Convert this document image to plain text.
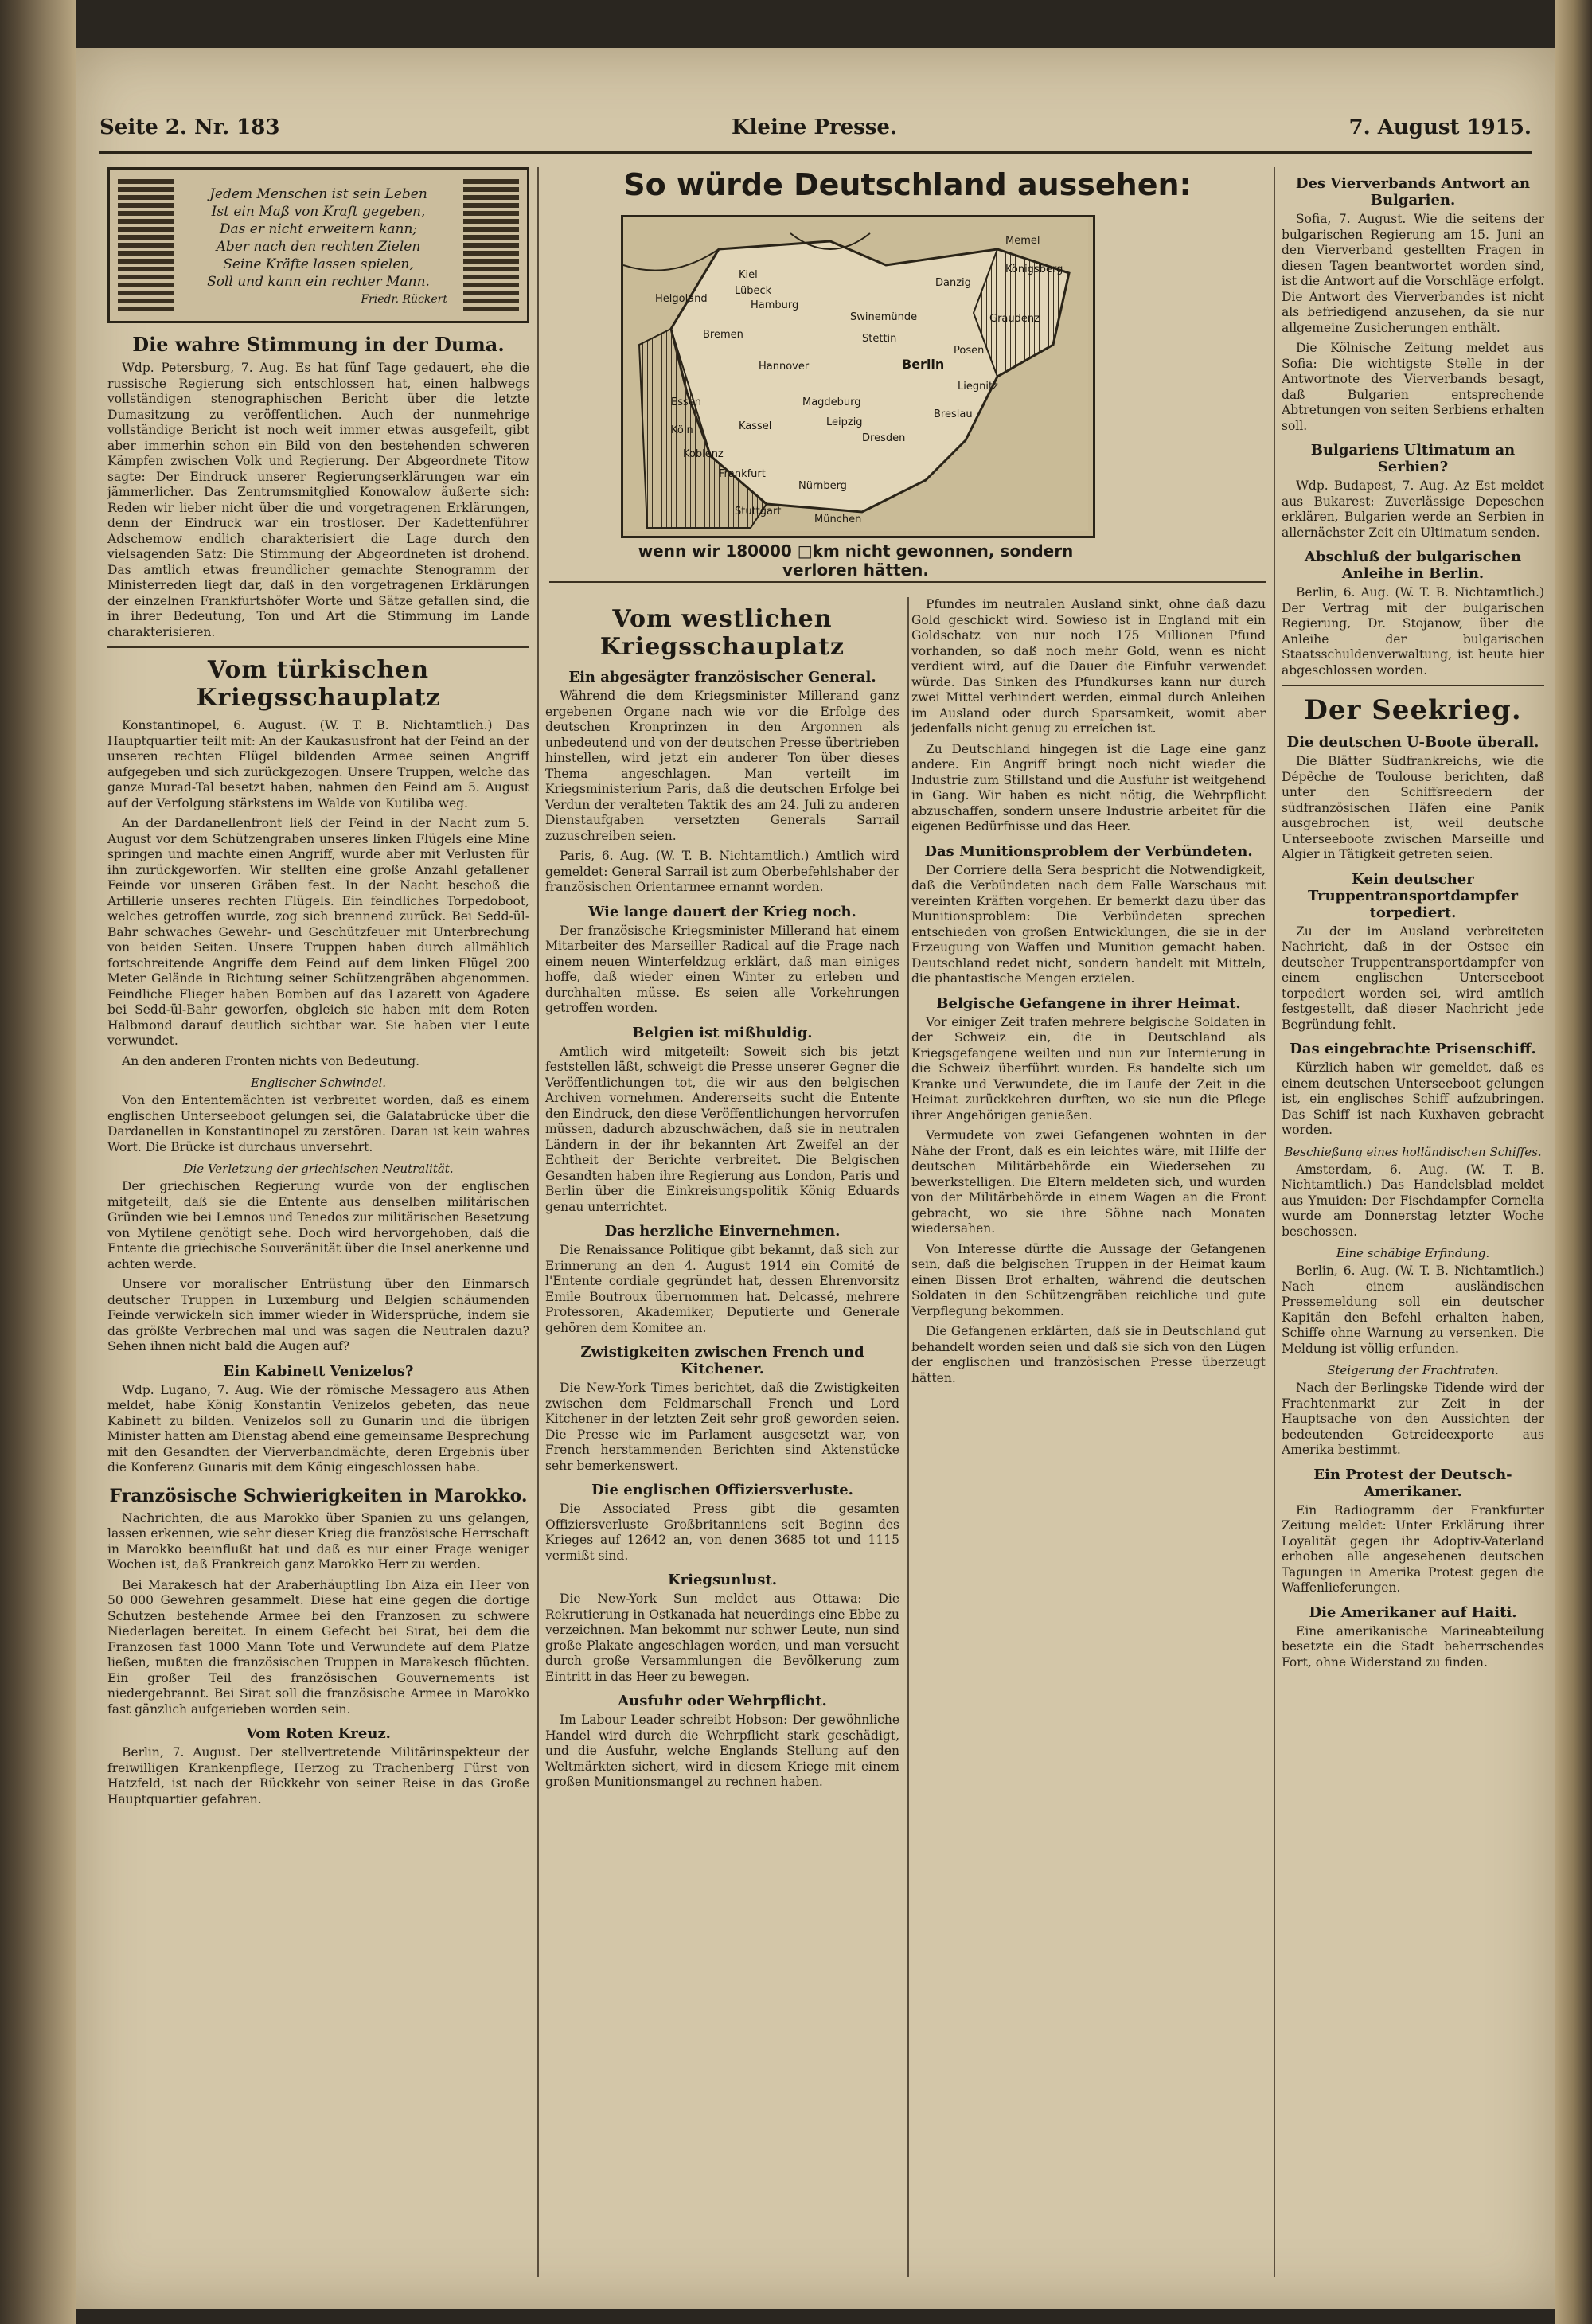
Seite 2. Nr. 183	Kleine Presse.	7. August 1915.
Jedem Menschen ist sein Leben
Ist ein Maß von Kraft gegeben,
Das er nicht erweitern kann;
Aber nach den rechten Zielen
Seine Kräfte lassen spielen,
Soll und kann ein rechter Mann.
Friedr. Rückert
Die wahre Stimmung in der Duma.

Wdp. Petersburg, 7. Aug. Es hat fünf Tage gedauert, ehe die russische Regierung sich entschlossen hat, einen halbwegs vollständigen stenographischen Bericht über die letzte Dumasitzung zu veröffentlichen. Auch der nunmehrige vollständige Bericht ist noch weit immer etwas ausgefeilt, gibt aber immerhin schon ein Bild von den bestehenden schweren Kämpfen zwischen Volk und Regierung. Der Abgeordnete Titow sagte: Der Eindruck unserer Regierungserklärungen war ein jämmerlicher. Das Zentrumsmitglied Konowalow äußerte sich: Reden wir lieber nicht über die und vorgetragenen Erklärungen, denn der Eindruck war ein trostloser. Der Kadettenführer Adschemow endlich charakterisiert die Lage durch den vielsagenden Satz: Die Stimmung der Abgeordneten ist drohend. Das amtlich etwas freundlicher gemachte Stenogramm der Ministerreden liegt dar, daß in den vorgetragenen Erklärungen der einzelnen Frankfurtshöfer Worte und Sätze gefallen sind, die in ihrer Bedeutung, Ton und Art die Stimmung im Lande charakterisieren.

Vom türkischen Kriegsschauplatz

Konstantinopel, 6. August. (W. T. B. Nichtamtlich.) Das Hauptquartier teilt mit: An der Kaukasusfront hat der Feind an der unseren rechten Flügel bildenden Armee seinen Angriff aufgegeben und sich zurückgezogen. Unsere Truppen, welche das ganze Murad-Tal besetzt haben, nahmen den Feind am 5. August auf der Verfolgung stärkstens im Walde von Kutiliba weg.

An der Dardanellenfront ließ der Feind in der Nacht zum 5. August vor dem Schützengraben unseres linken Flügels eine Mine springen und machte einen Angriff, wurde aber mit Verlusten für ihn zurückgeworfen. Wir stellten eine große Anzahl gefallener Feinde vor unseren Gräben fest. In der Nacht beschoß die Artillerie unseres rechten Flügels. Ein feindliches Torpedoboot, welches getroffen wurde, zog sich brennend zurück. Bei Sedd-ül-Bahr schwaches Gewehr- und Geschützfeuer mit Unterbrechung von beiden Seiten. Unsere Truppen haben durch allmählich fortschreitende Angriffe dem Feind auf dem linken Flügel 200 Meter Gelände in Richtung seiner Schützengräben abgenommen. Feindliche Flieger haben Bomben auf das Lazarett von Agadere bei Sedd-ül-Bahr geworfen, obgleich sie haben mit dem Roten Halbmond darauf deutlich sichtbar war. Sie haben vier Leute verwundet.

An den anderen Fronten nichts von Bedeutung.

Englischer Schwindel.

Von den Ententemächten ist verbreitet worden, daß es einem englischen Unterseeboot gelungen sei, die Galatabrücke über die Dardanellen in Konstantinopel zu zerstören. Daran ist kein wahres Wort. Die Brücke ist durchaus unversehrt.

Die Verletzung der griechischen Neutralität.

Der griechischen Regierung wurde von der englischen mitgeteilt, daß sie die Entente aus denselben militärischen Gründen wie bei Lemnos und Tenedos zur militärischen Besetzung von Mytilene genötigt sehe. Doch wird hervorgehoben, daß die Entente die griechische Souveränität über die Insel anerkenne und achten werde.

Unsere vor moralischer Entrüstung über den Einmarsch deutscher Truppen in Luxemburg und Belgien schäumenden Feinde verwickeln sich immer wieder in Widersprüche, indem sie das größte Verbrechen mal und was sagen die Neutralen dazu? Sehen ihnen nicht bald die Augen auf?

Ein Kabinett Venizelos?

Wdp. Lugano, 7. Aug. Wie der römische Messagero aus Athen meldet, habe König Konstantin Venizelos gebeten, das neue Kabinett zu bilden. Venizelos soll zu Gunarin und die übrigen Minister hatten am Dienstag abend eine gemeinsame Besprechung mit den Gesandten der Vierverbandmächte, deren Ergebnis über die Konferenz Gunaris mit dem König eingeschlossen habe.

Französische Schwierigkeiten in Marokko.

Nachrichten, die aus Marokko über Spanien zu uns gelangen, lassen erkennen, wie sehr dieser Krieg die französische Herrschaft in Marokko beeinflußt hat und daß es nur einer Frage weniger Wochen ist, daß Frankreich ganz Marokko Herr zu werden.

Bei Marakesch hat der Araberhäuptling Ibn Aiza ein Heer von 50 000 Gewehren gesammelt. Diese hat eine gegen die dortige Schutzen bestehende Armee bei den Franzosen zu schwere Niederlagen bereitet. In einem Gefecht bei Sirat, bei dem die Franzosen fast 1000 Mann Tote und Verwundete auf dem Platze ließen, mußten die französischen Truppen in Marakesch flüchten. Ein großer Teil des französischen Gouvernements ist niedergebrannt. Bei Sirat soll die französische Armee in Marokko fast gänzlich aufgerieben worden sein.

Vom Roten Kreuz.

Berlin, 7. August. Der stellvertretende Militärinspekteur der freiwilligen Krankenpflege, Herzog zu Trachenberg Fürst von Hatzfeld, ist nach der Rückkehr von seiner Reise in das Große Hauptquartier gefahren.

So würde Deutschland aussehen:
Memel
Königsberg
Danzig
Helgoland
Kiel
Lübeck
Hamburg
Swinemünde
Stettin
Posen
Graudenz
Bremen
Hannover	Berlin
Essen	Magdeburg
Kassel	Leipzig
Dresden
Breslau
Köln
Koblenz
Frankfurt
Nürnberg
Stuttgart
München
Liegnitz
wenn wir 180000 □km nicht gewonnen, sondern verloren hätten.
Vom westlichen Kriegsschauplatz
Ein abgesägter französischer General.

Während die dem Kriegsminister Millerand ganz ergebenen Organe nach wie vor die Erfolge des deutschen Kronprinzen in den Argonnen als unbedeutend und von der deutschen Presse übertrieben hinstellen, wird jetzt ein anderer Ton über dieses Thema angeschlagen. Man verteilt im Kriegsministerium Paris, daß die deutschen Erfolge bei Verdun der veralteten Taktik des am 24. Juli zu anderen Dienstaufgaben versetzten Generals Sarrail zuzuschreiben seien.

Paris, 6. Aug. (W. T. B. Nichtamtlich.) Amtlich wird gemeldet: General Sarrail ist zum Oberbefehlshaber der französischen Orientarmee ernannt worden.

Wie lange dauert der Krieg noch.

Der französische Kriegsminister Millerand hat einem Mitarbeiter des Marseiller Radical auf die Frage nach einem neuen Winterfeldzug erklärt, daß man einiges hoffe, daß wieder einen Winter zu erleben und durchhalten müsse. Es seien alle Vorkehrungen getroffen worden.

Belgien ist mißhuldig.

Amtlich wird mitgeteilt: Soweit sich bis jetzt feststellen läßt, schweigt die Presse unserer Gegner die Veröffentlichungen tot, die wir aus den belgischen Archiven vornehmen. Andererseits sucht die Entente den Eindruck, den diese Veröffentlichungen hervorrufen müssen, dadurch abzuschwächen, daß sie in neutralen Ländern in der ihr bekannten Art Zweifel an der Echtheit der Berichte verbreitet. Die Belgischen Gesandten haben ihre Regierung aus London, Paris und Berlin über die Einkreisungspolitik König Eduards genau unterrichtet.

Das herzliche Einvernehmen.

Die Renaissance Politique gibt bekannt, daß sich zur Erinnerung an den 4. August 1914 ein Comité de l'Entente cordiale gegründet hat, dessen Ehrenvorsitz Emile Boutroux übernommen hat. Delcassé, mehrere Professoren, Akademiker, Deputierte und Generale gehören dem Komitee an.

Zwistigkeiten zwischen French und Kitchener.

Die New-York Times berichtet, daß die Zwistigkeiten zwischen dem Feldmarschall French und Lord Kitchener in der letzten Zeit sehr groß geworden seien. Die Presse wie im Parlament ausgesetzt war, von French herstammenden Berichten sind Aktenstücke sehr bemerkenswert.

Die englischen Offiziersverluste.

Die Associated Press gibt die gesamten Offiziersverluste Großbritanniens seit Beginn des Krieges auf 12642 an, von denen 3685 tot und 1115 vermißt sind.

Kriegsunlust.

Die New-York Sun meldet aus Ottawa: Die Rekrutierung in Ostkanada hat neuerdings eine Ebbe zu verzeichnen. Man bekommt nur schwer Leute, nun sind große Plakate angeschlagen worden, und man versucht durch große Versammlungen die Bevölkerung zum Eintritt in das Heer zu bewegen.

Ausfuhr oder Wehrpflicht.

Im Labour Leader schreibt Hobson: Der gewöhnliche Handel wird durch die Wehrpflicht stark geschädigt, und die Ausfuhr, welche Englands Stellung auf den Weltmärkten sichert, wird in diesem Kriege mit einem großen Munitionsmangel zu rechnen haben.

Pfundes im neutralen Ausland sinkt, ohne daß dazu Gold geschickt wird. Sowieso ist in England mit ein Goldschatz von nur noch 175 Millionen Pfund vorhanden, so daß noch mehr Gold, wenn es nicht verdient wird, auf die Dauer die Einfuhr verwendet würde. Das Sinken des Pfundkurses kann nur durch zwei Mittel verhindert werden, einmal durch Anleihen im Ausland oder durch Sparsamkeit, womit aber jedenfalls nicht genug zu erreichen ist.

Zu Deutschland hingegen ist die Lage eine ganz andere. Ein Angriff bringt noch nicht wieder die Industrie zum Stillstand und die Ausfuhr ist weitgehend in Gang. Wir haben es nicht nötig, die Wehrpflicht abzuschaffen, sondern unsere Industrie arbeitet für die eigenen Bedürfnisse und das Heer.

Das Munitionsproblem der Verbündeten.

Der Corriere della Sera bespricht die Notwendigkeit, daß die Verbündeten nach dem Falle Warschaus mit vereinten Kräften vorgehen. Er bemerkt dazu über das Munitionsproblem: Die Verbündeten sprechen entschieden von großen Entwicklungen, die sie in der Erzeugung von Waffen und Munition gemacht haben. Deutschland redet nicht, sondern handelt mit Mitteln, die phantastische Mengen erzielen.

Belgische Gefangene in ihrer Heimat.

Vor einiger Zeit trafen mehrere belgische Soldaten in der Schweiz ein, die in Deutschland als Kriegsgefangene weilten und nun zur Internierung in die Schweiz überführt wurden. Es handelte sich um Kranke und Verwundete, die im Laufe der Zeit in die Heimat zurückkehren durften, wo sie nun die Pflege ihrer Angehörigen genießen.

Vermudete von zwei Gefangenen wohnten in der Nähe der Front, daß es ein leichtes wäre, mit Hilfe der deutschen Militärbehörde ein Wiedersehen zu bewerkstelligen. Die Eltern meldeten sich, und wurden von der Militärbehörde in einem Wagen an die Front gebracht, wo sie ihre Söhne nach Monaten wiedersahen.

Von Interesse dürfte die Aussage der Gefangenen sein, daß die belgischen Truppen in der Heimat kaum einen Bissen Brot erhalten, während die deutschen Soldaten in den Schützengräben reichliche und gute Verpflegung bekommen.

Die Gefangenen erklärten, daß sie in Deutschland gut behandelt worden seien und daß sie sich von den Lügen der englischen und französischen Presse überzeugt hätten.

Des Vierverbands Antwort an Bulgarien.

Sofia, 7. August. Wie die seitens der bulgarischen Regierung am 15. Juni an den Vierverband gestellten Fragen in diesen Tagen beantwortet worden sind, ist die Antwort auf die Vorschläge erfolgt. Die Antwort des Vierverbandes ist nicht als befriedigend anzusehen, da sie nur allgemeine Zusicherungen enthält.

Die Kölnische Zeitung meldet aus Sofia: Die wichtigste Stelle in der Antwortnote des Vierverbands besagt, daß Bulgarien entsprechende Abtretungen von seiten Serbiens erhalten soll.

Bulgariens Ultimatum an Serbien?

Wdp. Budapest, 7. Aug. Az Est meldet aus Bukarest: Zuverlässige Depeschen erklären, Bulgarien werde an Serbien in allernächster Zeit ein Ultimatum senden.

Abschluß der bulgarischen Anleihe in Berlin.

Berlin, 6. Aug. (W. T. B. Nichtamtlich.) Der Vertrag mit der bulgarischen Regierung, Dr. Stojanow, über die Anleihe der bulgarischen Staatsschuldenverwaltung, ist heute hier abgeschlossen worden.

Der Seekrieg.
Die deutschen U-Boote überall.

Die Blätter Südfrankreichs, wie die Dépêche de Toulouse berichten, daß unter den Schiffsreedern der südfranzösischen Häfen eine Panik ausgebrochen ist, weil deutsche Unterseeboote zwischen Marseille und Algier in Tätigkeit getreten seien.

Kein deutscher Truppentransportdampfer torpediert.

Zu der im Ausland verbreiteten Nachricht, daß in der Ostsee ein deutscher Truppentransportdampfer von einem englischen Unterseeboot torpediert worden sei, wird amtlich festgestellt, daß dieser Nachricht jede Begründung fehlt.

Das eingebrachte Prisenschiff.

Kürzlich haben wir gemeldet, daß es einem deutschen Unterseeboot gelungen ist, ein englisches Schiff aufzubringen. Das Schiff ist nach Kuxhaven gebracht worden.

Beschießung eines holländischen Schiffes.

Amsterdam, 6. Aug. (W. T. B. Nichtamtlich.) Das Handelsblad meldet aus Ymuiden: Der Fischdampfer Cornelia wurde am Donnerstag letzter Woche beschossen.

Eine schäbige Erfindung.

Berlin, 6. Aug. (W. T. B. Nichtamtlich.) Nach einem ausländischen Pressemeldung soll ein deutscher Kapitän den Befehl erhalten haben, Schiffe ohne Warnung zu versenken. Die Meldung ist völlig erfunden.

Steigerung der Frachtraten.

Nach der Berlingske Tidende wird der Frachtenmarkt zur Zeit in der Hauptsache von den Aussichten der bedeutenden Getreideexporte aus Amerika bestimmt.

Ein Protest der Deutsch-Amerikaner.

Ein Radiogramm der Frankfurter Zeitung meldet: Unter Erklärung ihrer Loyalität gegen ihr Adoptiv-Vaterland erhoben alle angesehenen deutschen Tagungen in Amerika Protest gegen die Waffenlieferungen.

Die Amerikaner auf Haiti.

Eine amerikanische Marineabteilung besetzte ein die Stadt beherrschendes Fort, ohne Widerstand zu finden.
